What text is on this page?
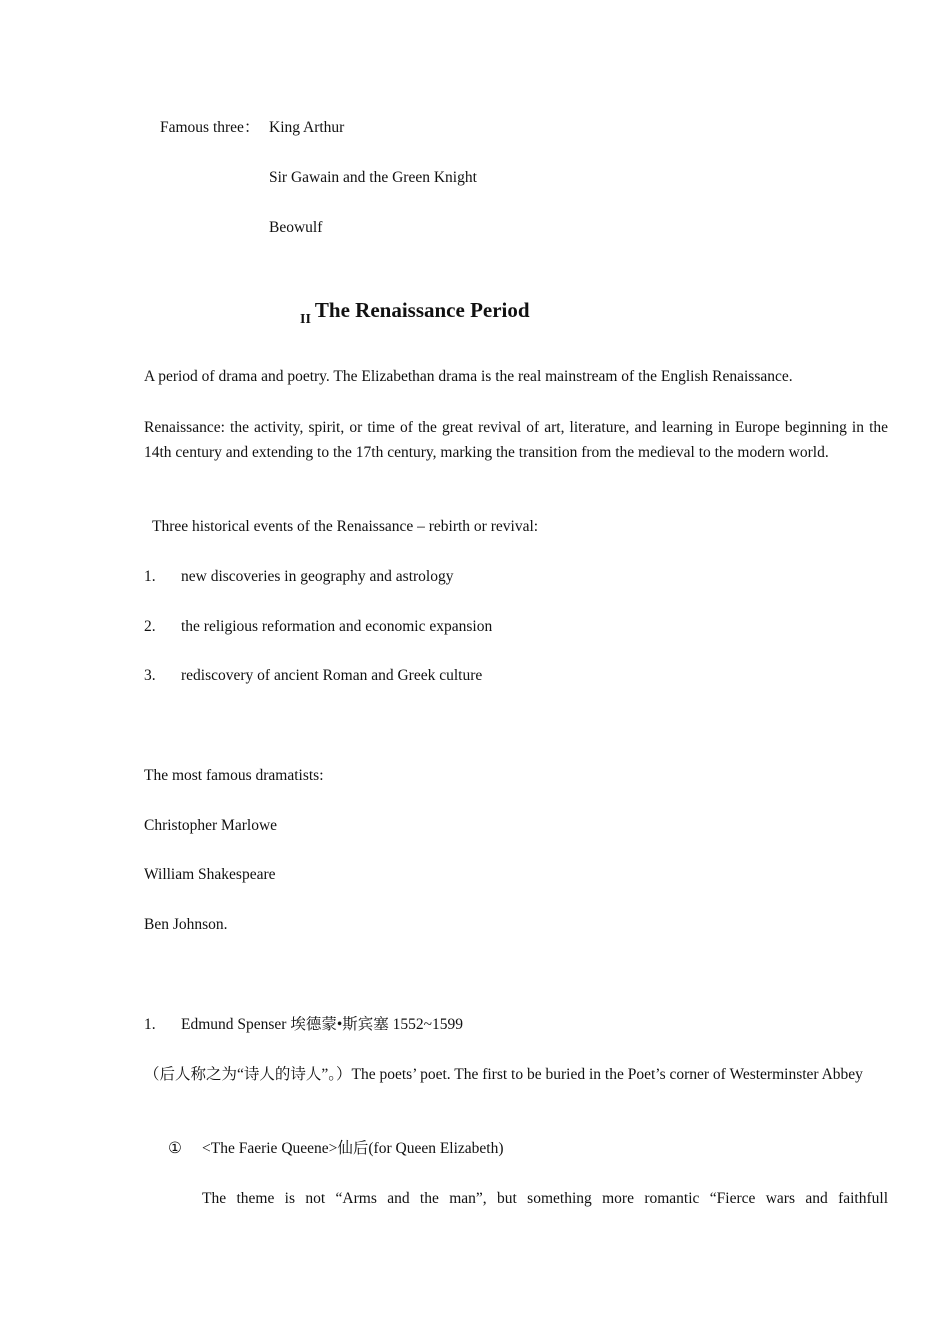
Famous three： King Arthur
Sir Gawain and the Green Knight
Beowulf
$_{II}$ The Renaissance Period
A period of drama and poetry. The Elizabethan drama is the real mainstream of the English Renaissance.
Renaissance: the activity, spirit, or time of the great revival of art, literature, and learning in Europe beginning in the 14th century and extending to the 17th century, marking the transition from the medieval to the modern world.
Three historical events of the Renaissance – rebirth or revival:
1. new discoveries in geography and astrology
2. the religious reformation and economic expansion
3. rediscovery of ancient Roman and Greek culture
The most famous dramatists:
Christopher Marlowe
William Shakespeare
Ben Johnson.
1. Edmund Spenser 埃德蒙•斯宾塞 1552~1599
（后人称之为“诗人的诗人”。）The poets’ poet. The first to be buried in the Poet’s corner of Westerminster Abbey
① <The Faerie Queene>仙后(for Queen Elizabeth)
The theme is not “Arms and the man”, but something more romantic “Fierce wars and faithfull
